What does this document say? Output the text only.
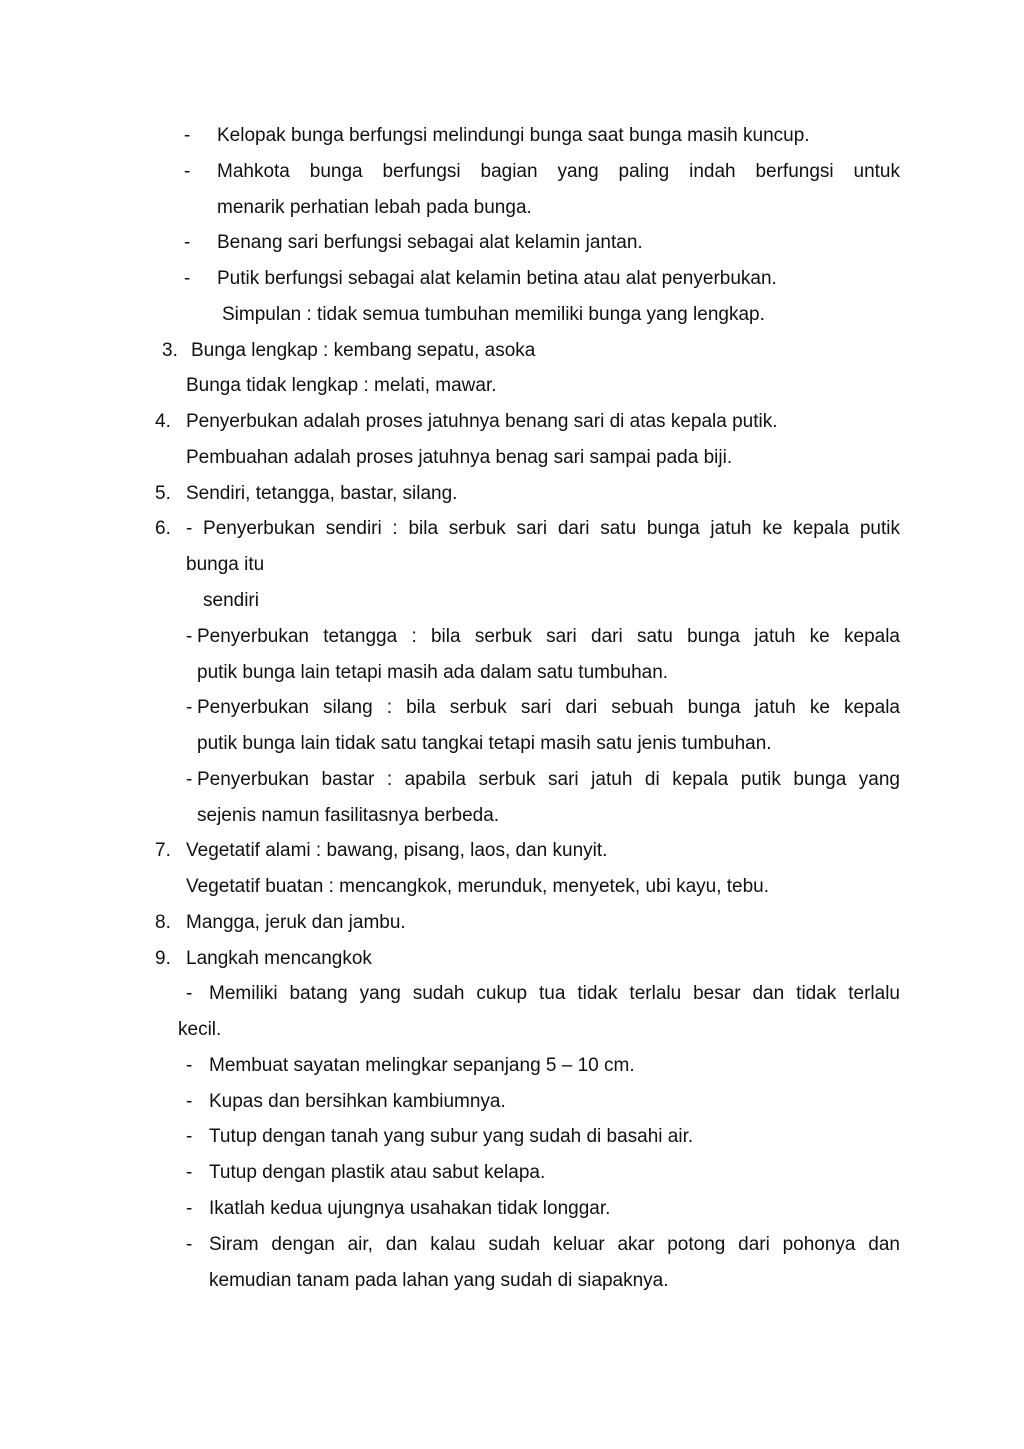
- Kelopak bunga berfungsi melindungi bunga saat bunga masih kuncup.
- Mahkota bunga berfungsi bagian yang paling indah berfungsi untuk
menarik perhatian lebah pada bunga.
- Benang sari berfungsi sebagai alat kelamin jantan.
- Putik berfungsi sebagai alat kelamin betina atau alat penyerbukan.
Simpulan : tidak semua tumbuhan memiliki bunga yang lengkap.
3. Bunga lengkap : kembang sepatu, asoka
Bunga tidak lengkap : melati, mawar.
4. Penyerbukan adalah proses jatuhnya benang sari di atas kepala putik.
Pembuahan adalah proses jatuhnya benag sari sampai pada biji.
5. Sendiri, tetangga, bastar, silang.
6. - Penyerbukan sendiri : bila serbuk sari dari satu bunga jatuh ke kepala putik
bunga itu
sendiri
- Penyerbukan tetangga : bila serbuk sari dari satu bunga jatuh ke kepala
putik bunga lain tetapi masih ada dalam satu tumbuhan.
- Penyerbukan silang : bila serbuk sari dari sebuah bunga jatuh ke kepala
putik bunga lain tidak satu tangkai tetapi masih satu jenis tumbuhan.
- Penyerbukan bastar : apabila serbuk sari jatuh di kepala putik bunga yang
sejenis namun fasilitasnya berbeda.
7. Vegetatif alami : bawang, pisang, laos, dan kunyit.
Vegetatif buatan : mencangkok, merunduk, menyetek, ubi kayu, tebu.
8. Mangga, jeruk dan jambu.
9. Langkah mencangkok
- Memiliki batang yang sudah cukup tua tidak terlalu besar dan tidak terlalu
kecil.
- Membuat sayatan melingkar sepanjang 5 – 10 cm.
- Kupas dan bersihkan kambiumnya.
- Tutup dengan tanah yang subur yang sudah di basahi air.
- Tutup dengan plastik atau sabut kelapa.
- Ikatlah kedua ujungnya usahakan tidak longgar.
- Siram dengan air, dan kalau sudah keluar akar potong dari pohonya dan
kemudian tanam pada lahan yang sudah di siapaknya.
